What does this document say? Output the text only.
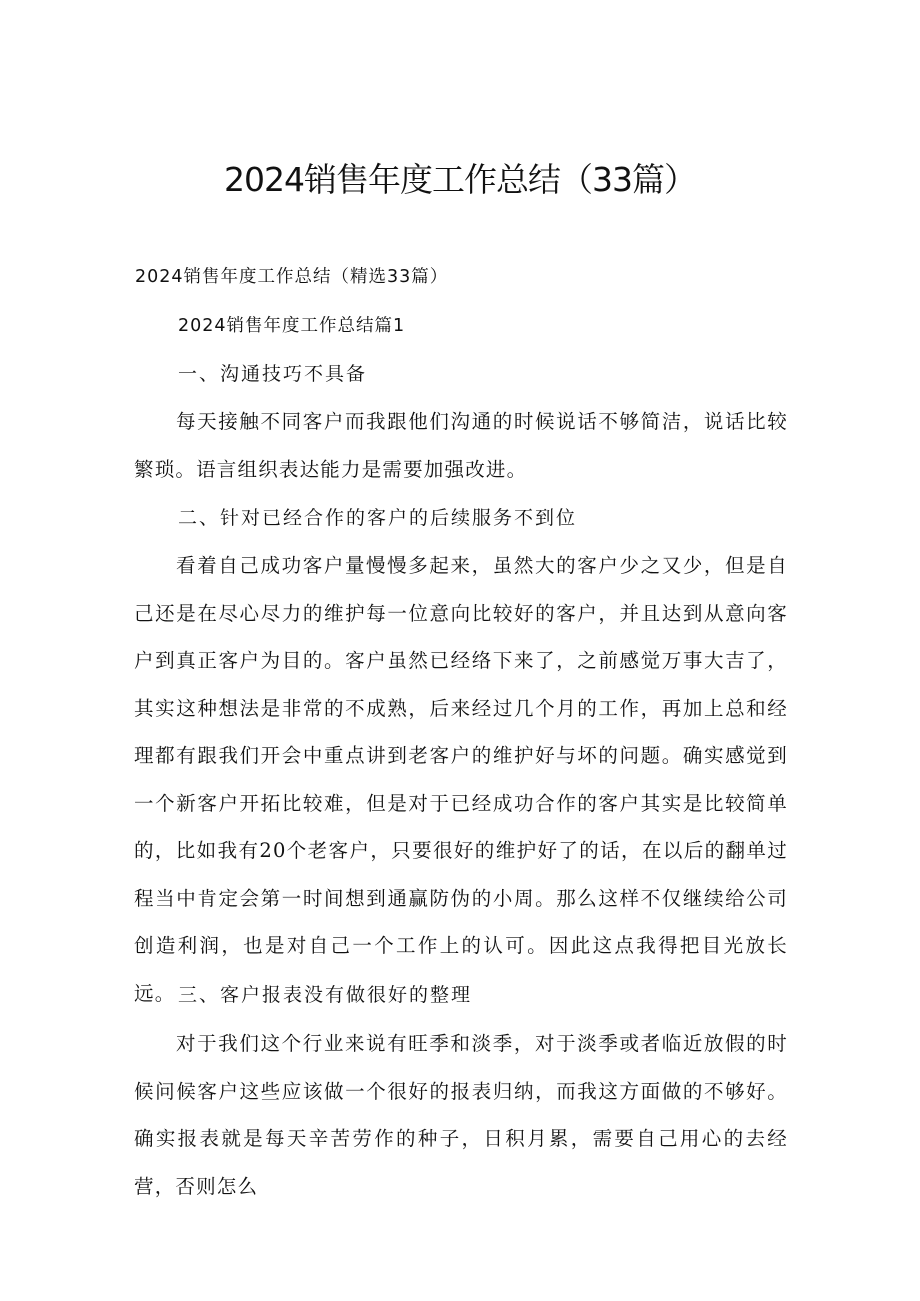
2024销售年度工作总结（33篇）

2024销售年度工作总结（精选33篇）

2024销售年度工作总结篇1

一、沟通技巧不具备

每天接触不同客户而我跟他们沟通的时候说话不够简洁，说话比较繁琐。语言组织表达能力是需要加强改进。

二、针对已经合作的客户的后续服务不到位

看着自己成功客户量慢慢多起来，虽然大的客户少之又少，但是自己还是在尽心尽力的维护每一位意向比较好的客户，并且达到从意向客户到真正客户为目的。客户虽然已经络下来了，之前感觉万事大吉了，其实这种想法是非常的不成熟，后来经过几个月的工作，再加上总和经理都有跟我们开会中重点讲到老客户的维护好与坏的问题。确实感觉到一个新客户开拓比较难，但是对于已经成功合作的客户其实是比较简单的，比如我有20个老客户，只要很好的维护好了的话，在以后的翻单过程当中肯定会第一时间想到通赢防伪的小周。那么这样不仅继续给公司创造利润，也是对自己一个工作上的认可。因此这点我得把目光放长远。 三、客户报表没有做很好的整理

对于我们这个行业来说有旺季和淡季，对于淡季或者临近放假的时候问候客户这些应该做一个很好的报表归纳，而我这方面做的不够好。确实报表就是每天辛苦劳作的种子，日积月累，需要自己用心的去经营，否则怎么
